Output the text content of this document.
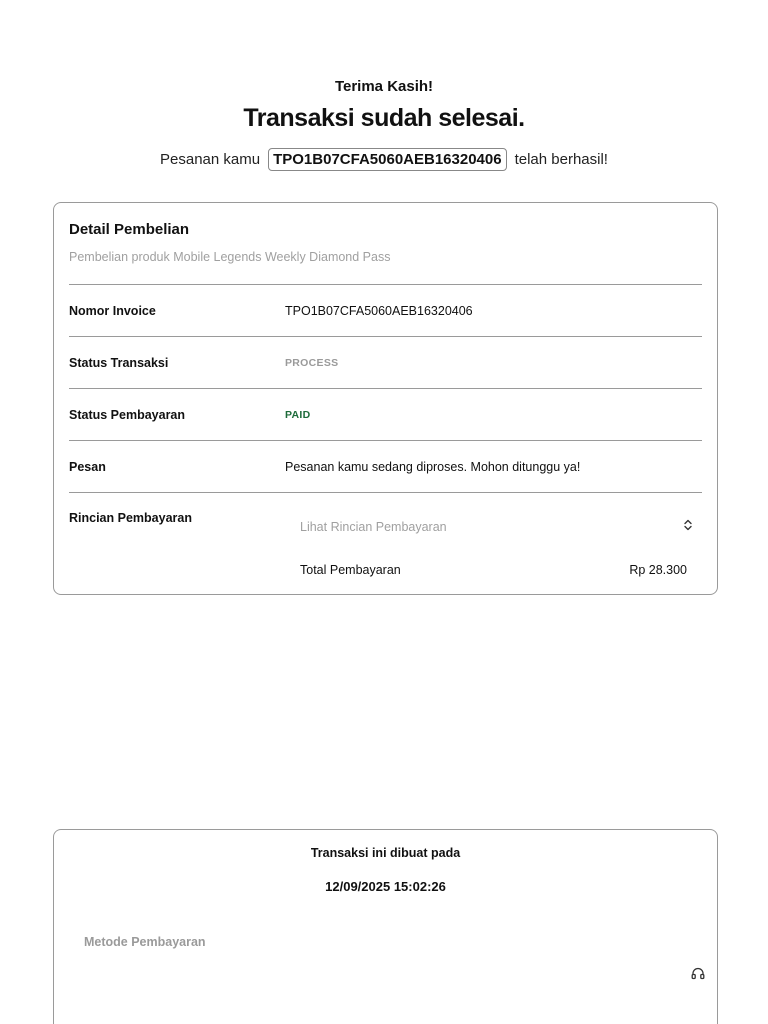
Terima Kasih!
Transaksi sudah selesai.
Pesanan kamu TPO1B07CFA5060AEB16320406 telah berhasil!
Detail Pembelian
Pembelian produk Mobile Legends Weekly Diamond Pass
Nomor Invoice	TPO1B07CFA5060AEB16320406
Status Transaksi	PROCESS
Status Pembayaran	PAID
Pesan	Pesanan kamu sedang diproses. Mohon ditunggu ya!
Rincian Pembayaran
Lihat Rincian Pembayaran
Total Pembayaran	Rp 28.300
Transaksi ini dibuat pada
12/09/2025 15:02:26
Metode Pembayaran
